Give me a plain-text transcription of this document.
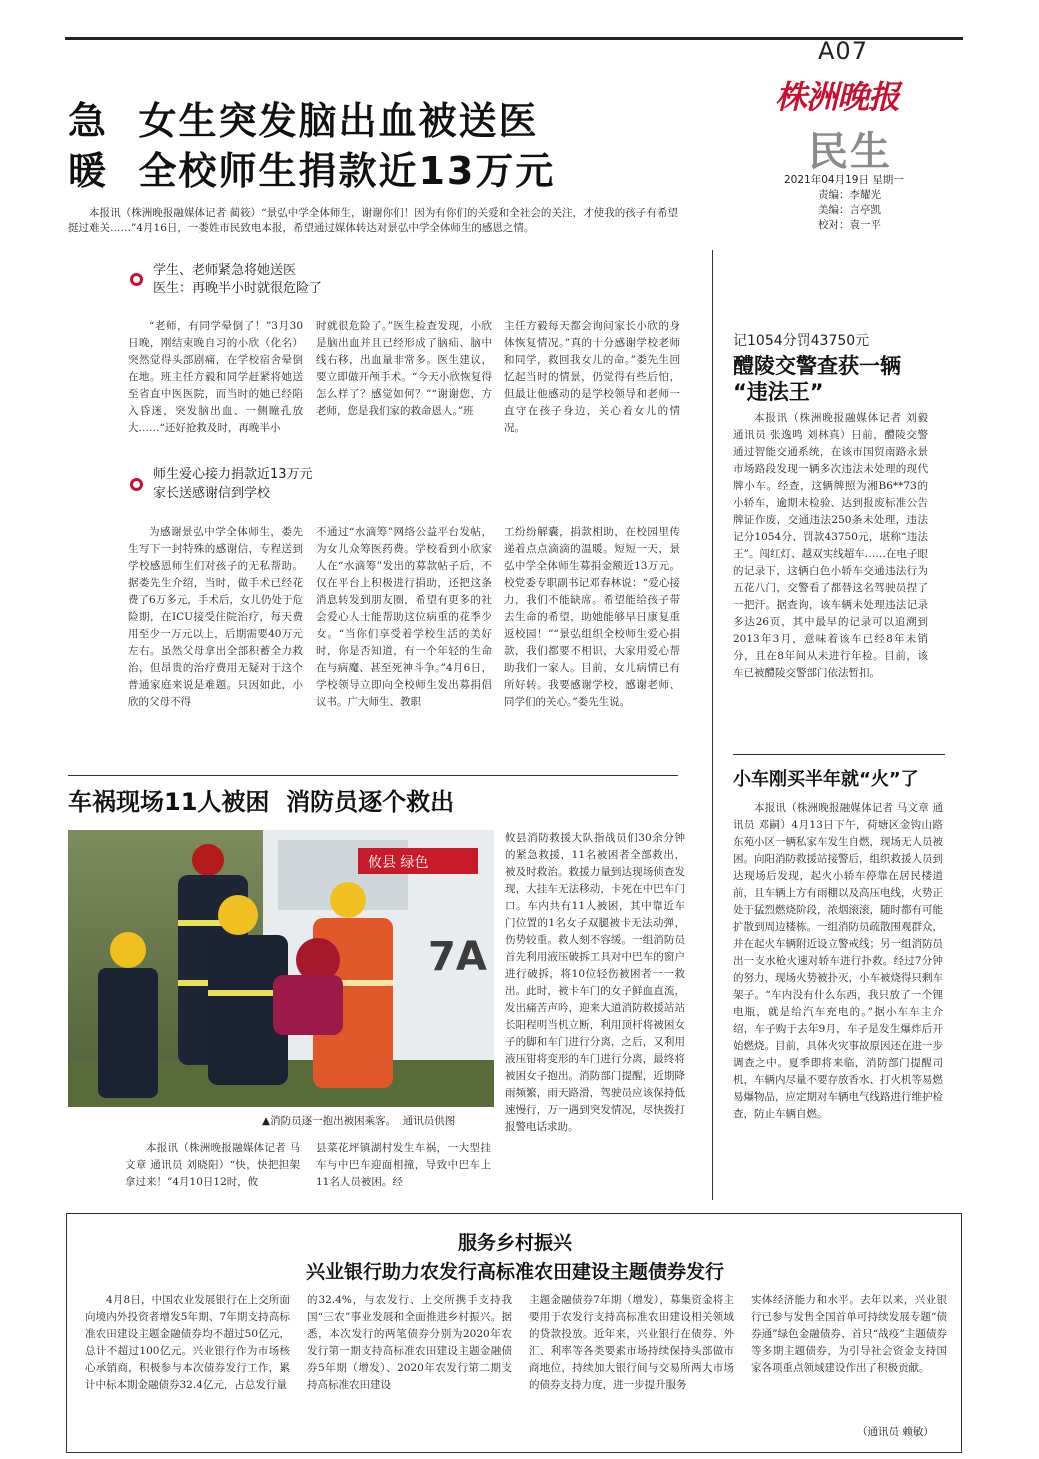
A07
株洲晚报
民生
2021年04月19日 星期一
责编：李耀光
美编：言亭凯
校对：袁一平
急  女生突发脑出血被送医
暖  全校师生捐款近13万元

本报讯（株洲晚报融媒体记者 蔺筱）“景弘中学全体师生，谢谢你们！因为有你们的关爱和全社会的关注，才使我的孩子有希望挺过难关……”4月16日，一娄姓市民致电本报，希望通过媒体转达对景弘中学全体师生的感恩之情。

学生、老师紧急将她送医
医生：再晚半小时就很危险了

“老师，有同学晕倒了！”3月30日晚，刚结束晚自习的小欣（化名）突然觉得头部剧痛，在学校宿舍晕倒在地。班主任方毅和同学赶紧将她送至省直中医医院，而当时的她已经陷入昏迷，突发脑出血、一侧瞳孔放大……“还好抢救及时，再晚半小

时就很危险了。”医生检查发现，小欣是脑出血并且已经形成了脑疝、脑中线右移，出血量非常多。医生建议，要立即做开颅手术。“今天小欣恢复得怎么样了？感觉如何？”“谢谢您，方老师，您是我们家的救命恩人。”班

主任方毅每天都会询问家长小欣的身体恢复情况。”真的十分感谢学校老师和同学，救回我女儿的命。”娄先生回忆起当时的情景，仍觉得有些后怕，但最让他感动的是学校领导和老师一直守在孩子身边，关心着女儿的情况。

师生爱心接力捐款近13万元
家长送感谢信到学校

为感谢景弘中学全体师生，娄先生写下一封特殊的感谢信，专程送到学校感恩师生们对孩子的无私帮助。据娄先生介绍，当时，做手术已经花费了6万多元，手术后，女儿仍处于危险期，在ICU接受住院治疗，每天费用至少一万元以上，后期需要40万元左右。虽然父母拿出全部积蓄全力救治，但昂贵的治疗费用无疑对于这个普通家庭来说是难题。只因如此，小欣的父母不得

不通过“水滴筹”网络公益平台发帖，为女儿众筹医药费。学校看到小欣家人在“水滴筹”发出的募款帖子后，不仅在平台上积极进行捐助，还把这条消息转发到朋友圈，希望有更多的社会爱心人士能帮助这位病重的花季少女。“当你们享受着学校生活的美好时，你是否知道，有一个年轻的生命在与病魔、甚至死神斗争。”4月6日，学校领导立即向全校师生发出募捐倡议书。广大师生、教职

工纷纷解囊，捐款相助，在校园里传递着点点滴滴的温暖。短短一天，景弘中学全体师生募捐金额近13万元。校党委专职副书记邓春林说：“爱心接力，我们不能缺席。希望能给孩子带去生命的希望，助她能够早日康复重返校园！”“景弘组织全校师生爱心捐款，我们都要不相识，大家用爱心帮助我们一家人。目前，女儿病情已有所好转。我要感谢学校，感谢老师、同学们的关心。”娄先生说。

记1054分罚43750元
醴陵交警查获一辆
“违法王”

本报讯（株洲晚报融媒体记者 刘毅 通讯员 张逸鸣 刘林真）日前，醴陵交警通过智能交通系统，在该市国贸南路永景市场路段发现一辆多次违法未处理的现代牌小车。经查，这辆牌照为湘B6**73的小轿车，逾期未检验、达到报废标准公告牌证作废，交通违法250条未处理，违法记分1054分、罚款43750元，堪称“违法王”。闯红灯、越双实线超车……在电子眼的记录下，这辆白色小轿车交通违法行为五花八门，交警看了都替这名驾驶员捏了一把汗。据查询，该车辆未处理违法记录多达26页，其中最早的记录可以追溯到2013年3月，意味着该车已经8年未销分，且在8年间从未进行年检。目前，该车已被醴陵交警部门依法暂扣。

小车刚买半年就“火”了

本报讯（株洲晚报融媒体记者 马文章 通讯员 邓嗣）4月13日下午，荷塘区金钩山路东苑小区一辆私家车发生自燃，现场无人员被困。向阳消防救援站接警后，组织救援人员到达现场后发现，起火小轿车停靠在居民楼道前，且车辆上方有雨棚以及高压电线，火势正处于猛烈燃烧阶段，浓烟滚滚，随时都有可能扩散到周边楼栋。一组消防员疏散围观群众，并在起火车辆附近设立警戒线；另一组消防员出一支水枪火速对轿车进行扑救。经过7分钟的努力，现场火势被扑灭，小车被烧得只剩车架子。“车内没有什么东西，我只放了一个锂电瓶，就是给汽车充电的。”据小车车主介绍，车子购于去年9月，车子是发生爆炸后开始燃烧。目前，具体火灾事故原因还在进一步调查之中。夏季即将来临，消防部门提醒司机，车辆内尽量不要存放香水、打火机等易燃易爆物品，应定期对车辆电气线路进行维护检查，防止车辆自燃。

车祸现场11人被困  消防员逐个救出
攸县 绿色
7A
▲消防员逐一抱出被困乘客。  通讯员供图

攸县消防救援大队指战员们30余分钟的紧急救援，11名被困者全部救出，被及时救治。救援力量到达现场侦查发现，大挂车无法移动，卡死在中巴车门口。车内共有11人被困，其中靠近车门位置的1名女子双腿被卡无法动弹，伤势较重。救人刻不容缓。一组消防员首先利用液压破拆工具对中巴车的窗户进行破拆，将10位轻伤被困者一一救出。此时，被卡车门的女子鲜血直流，发出痛苦声吟，迎来大道消防救援站站长阳程明当机立断，利用顶杆将被困女子的脚和车门进行分离，之后，又利用液压钳将变形的车门进行分离，最终将被困女子抱出。消防部门提醒，近期降雨频繁，雨天路滑，驾驶员应该保持低速慢行，万一遇到突发情况，尽快拨打报警电话求助。

本报讯（株洲晚报融媒体记者 马文章 通讯员 刘晓阳）“快，快把担架拿过来！”4月10日12时，攸

县菜花坪镇湖村发生车祸，一大型挂车与中巴车迎面相撞，导致中巴车上11名人员被困。经

服务乡村振兴
兴业银行助力农发行高标准农田建设主题债券发行

4月8日，中国农业发展银行在上交所面向境内外投资者增发5年期、7年期支持高标准农田建设主题金融债券均不超过50亿元，总计不超过100亿元。兴业银行作为市场核心承销商，积极参与本次债券发行工作，累计中标本期金融债券32.4亿元，占总发行量

的32.4%，与农发行、上交所携手支持我国“三农”事业发展和全面推进乡村振兴。据悉，本次发行的两笔债券分别为2020年农发行第一期支持高标准农田建设主题金融债券5年期（增发）、2020年农发行第二期支持高标准农田建设

主题金融债券7年期（增发），募集资金将主要用于农发行支持高标准农田建设相关领域的贷款投放。近年来，兴业银行在债券、外汇、利率等各类要素市场持续保持头部做市商地位，持续加大银行间与交易所两大市场的债券支持力度，进一步提升服务

实体经济能力和水平。去年以来，兴业银行已参与发售全国首单可持续发展专题“债券通”绿色金融债券、首只“战疫”主题债券等多期主题债券，为引导社会资金支持国家各项重点领域建设作出了积极贡献。

（通讯员 赖敏）
